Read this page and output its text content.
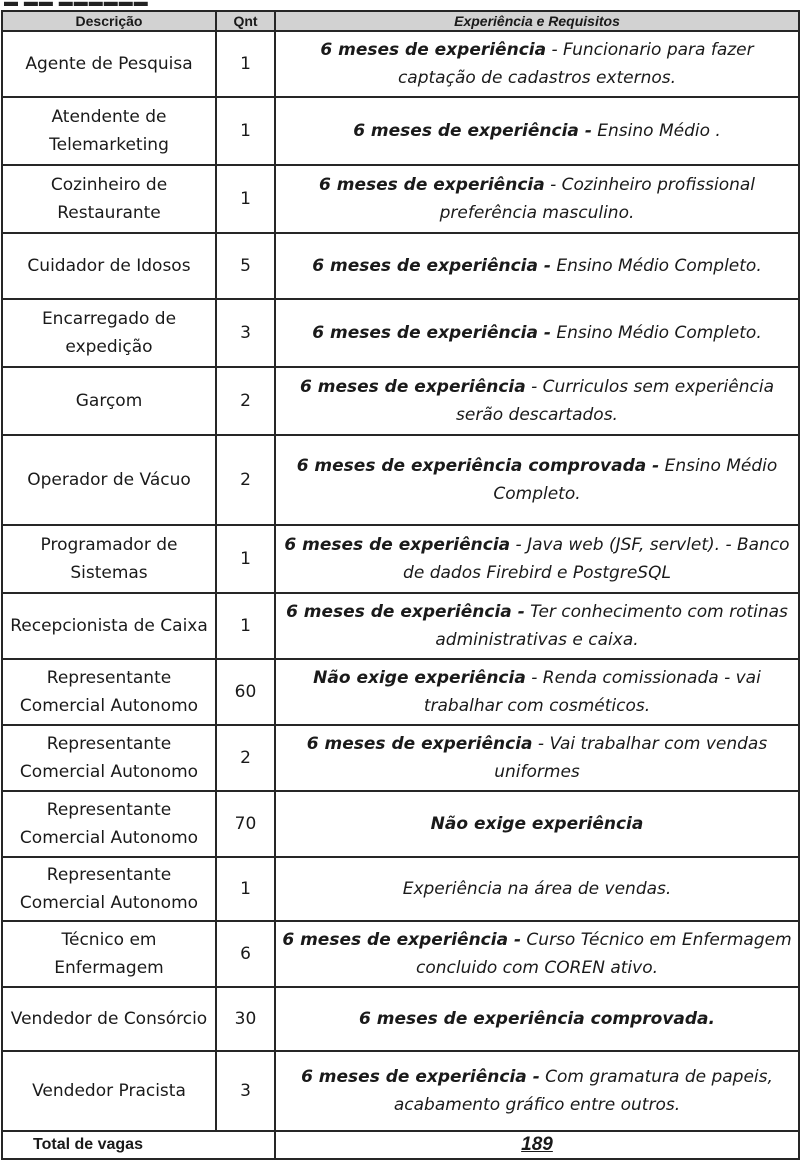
▬ ▬▬ ▬▬▬▬▬▬
Descrição	Qnt	Experiência e Requisitos
Agente de Pesquisa	1	6 meses de experiência - Funcionario para fazer captação de cadastros externos.
Atendente de Telemarketing	1	6 meses de experiência - Ensino Médio .
Cozinheiro de Restaurante	1	6 meses de experiência - Cozinheiro profissional preferência masculino.
Cuidador de Idosos	5	6 meses de experiência - Ensino Médio Completo.
Encarregado de expedição	3	6 meses de experiência - Ensino Médio Completo.
Garçom	2	6 meses de experiência - Curriculos sem experiência serão descartados.
Operador de Vácuo	2	6 meses de experiência comprovada - Ensino Médio Completo.
Programador de Sistemas	1	6 meses de experiência - Java web (JSF, servlet). - Banco de dados Firebird e PostgreSQL
Recepcionista de Caixa	1	6 meses de experiência - Ter conhecimento com rotinas administrativas e caixa.
Representante Comercial Autonomo	60	Não exige experiência - Renda comissionada - vai trabalhar com cosméticos.
Representante Comercial Autonomo	2	6 meses de experiência - Vai trabalhar com vendas uniformes
Representante Comercial Autonomo	70	Não exige experiência
Representante Comercial Autonomo	1	Experiência na área de vendas.
Técnico em Enfermagem	6	6 meses de experiência - Curso Técnico em Enfermagem concluido com COREN ativo.
Vendedor de Consórcio	30	6 meses de experiência comprovada.
Vendedor Pracista	3	6 meses de experiência - Com gramatura de papeis, acabamento gráfico entre outros.
Total de vagas		189
